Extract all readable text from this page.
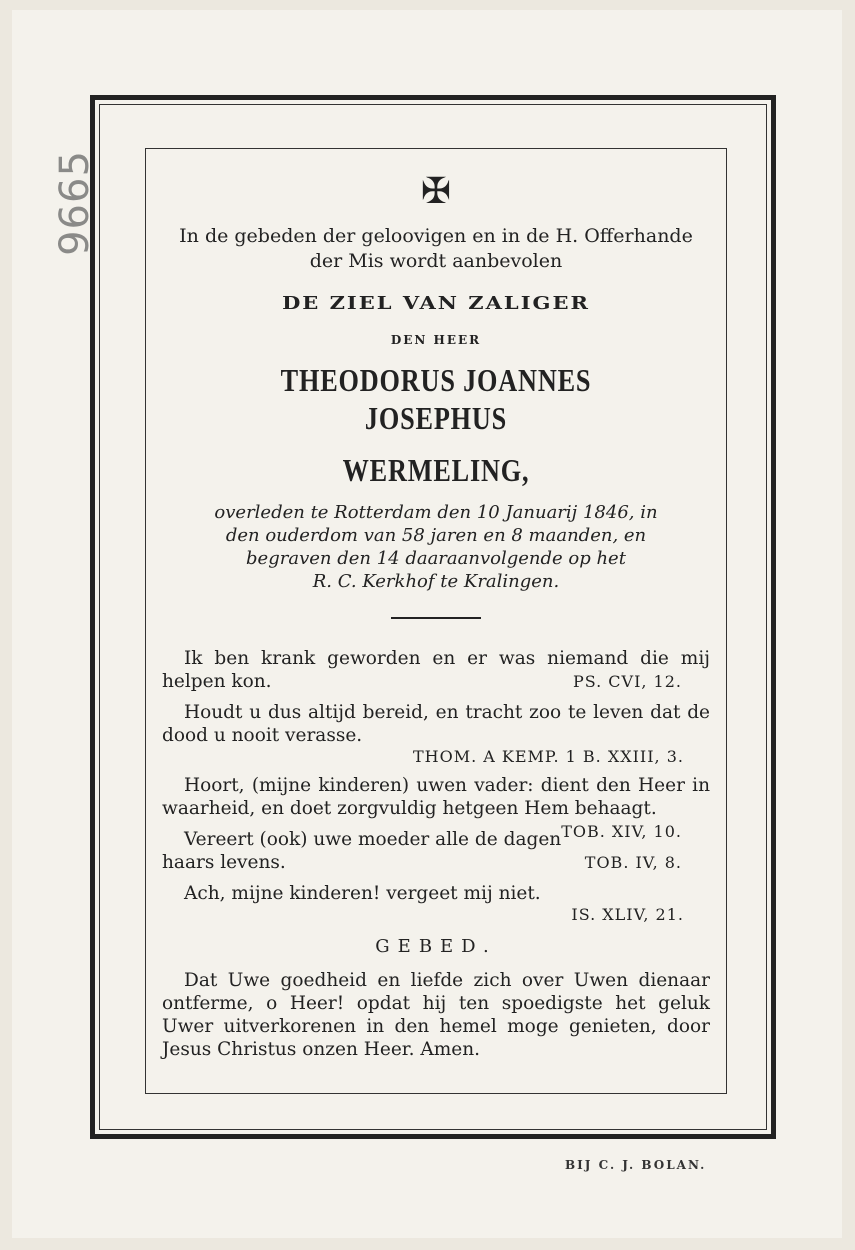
9665	✠

In de gebeden der geloovigen en in de H. Offerhande

der Mis wordt aanbevolen

DE ZIEL VAN ZALIGER
DEN HEER
THEODORUS JOANNES JOSEPHUS
WERMELING,
overleden te Rotterdam den 10 Januarij 1846, in
den ouderdom van 58 jaren en 8 maanden, en
begraven den 14 daaraanvolgende op het
R. C. Kerkhof te Kralingen.

Ik ben krank geworden en er was niemand die mij helpen kon.	PS. CVI, 12.

Houdt u dus altijd bereid, en tracht zoo te leven dat de dood u nooit verasse.

THOM. A KEMP. 1 B. XXIII, 3.

Hoort, (mijne kinderen) uwen vader: dient den Heer in waarheid, en doet zorgvuldig hetgeen Hem behaagt.
TOB. XIV, 10.

Vereert (ook) uwe moeder alle de dagen haars levens.	TOB. IV, 8.

Ach, mijne kinderen! vergeet mij niet.

IS. XLIV, 21.
GEBED.

Dat Uwe goedheid en liefde zich over Uwen dienaar ontferme, o Heer! opdat hij ten spoedigste het geluk Uwer uitverkorenen in den hemel moge genieten, door Jesus Christus onzen Heer. Amen.

BIJ C. J. BOLAN.
